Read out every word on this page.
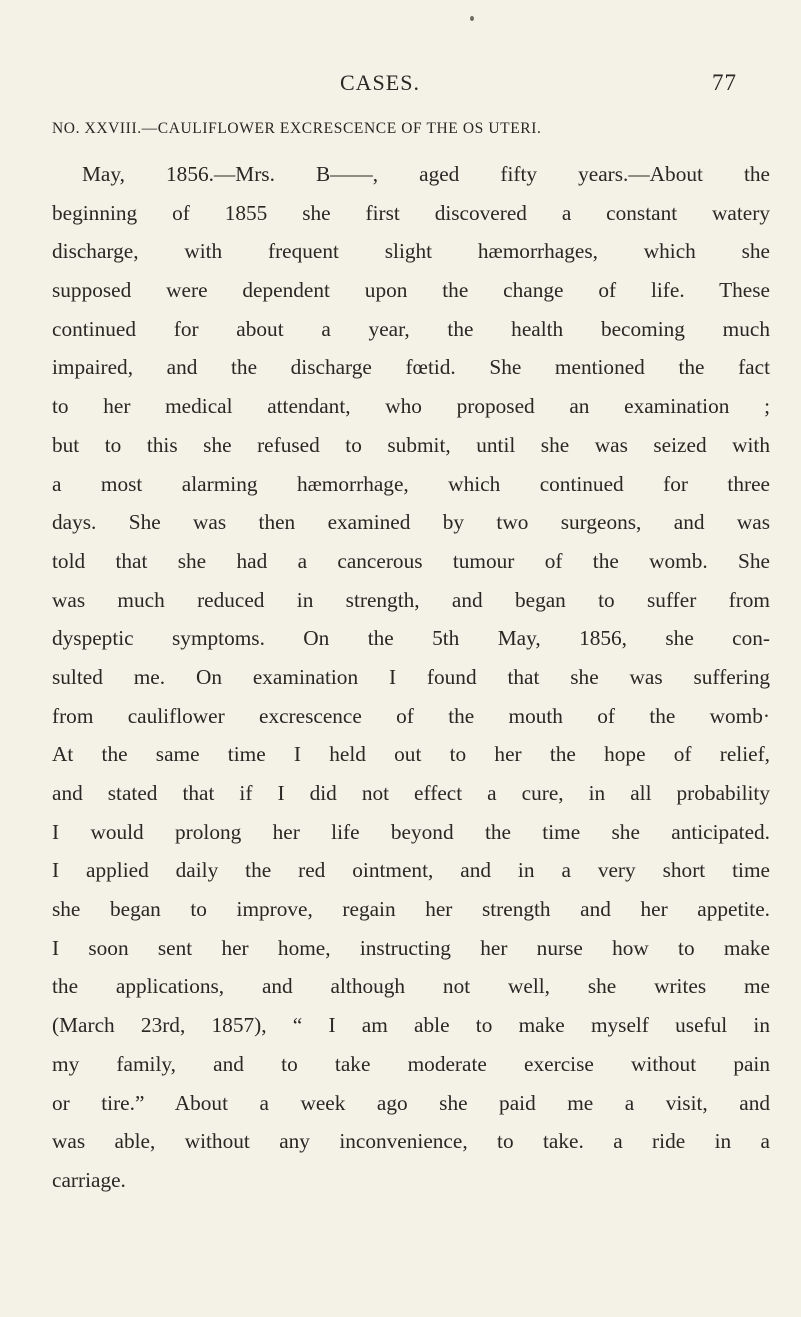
CASES.	77
NO. XXVIII.—CAULIFLOWER EXCRESCENCE OF THE OS UTERI.
May, 1856.—Mrs. B——, aged fifty years.—About the
beginning of 1855 she first discovered a constant watery
discharge, with frequent slight hæmorrhages, which she
supposed were dependent upon the change of life. These
continued for about a year, the health becoming much
impaired, and the discharge fœtid. She mentioned the fact
to her medical attendant, who proposed an examination ;
but to this she refused to submit, until she was seized with
a most alarming hæmorrhage, which continued for three
days. She was then examined by two surgeons, and was
told that she had a cancerous tumour of the womb. She
was much reduced in strength, and began to suffer from
dyspeptic symptoms. On the 5th May, 1856, she con-
sulted me. On examination I found that she was suffering
from cauliflower excrescence of the mouth of the womb·
At the same time I held out to her the hope of relief,
and stated that if I did not effect a cure, in all probability
I would prolong her life beyond the time she anticipated.
I applied daily the red ointment, and in a very short time
she began to improve, regain her strength and her appetite.
I soon sent her home, instructing her nurse how to make
the applications, and although not well, she writes me
(March 23rd, 1857), “ I am able to make myself useful in
my family, and to take moderate exercise without pain
or tire.” About a week ago she paid me a visit, and
was able, without any inconvenience, to take. a ride in a
carriage.
